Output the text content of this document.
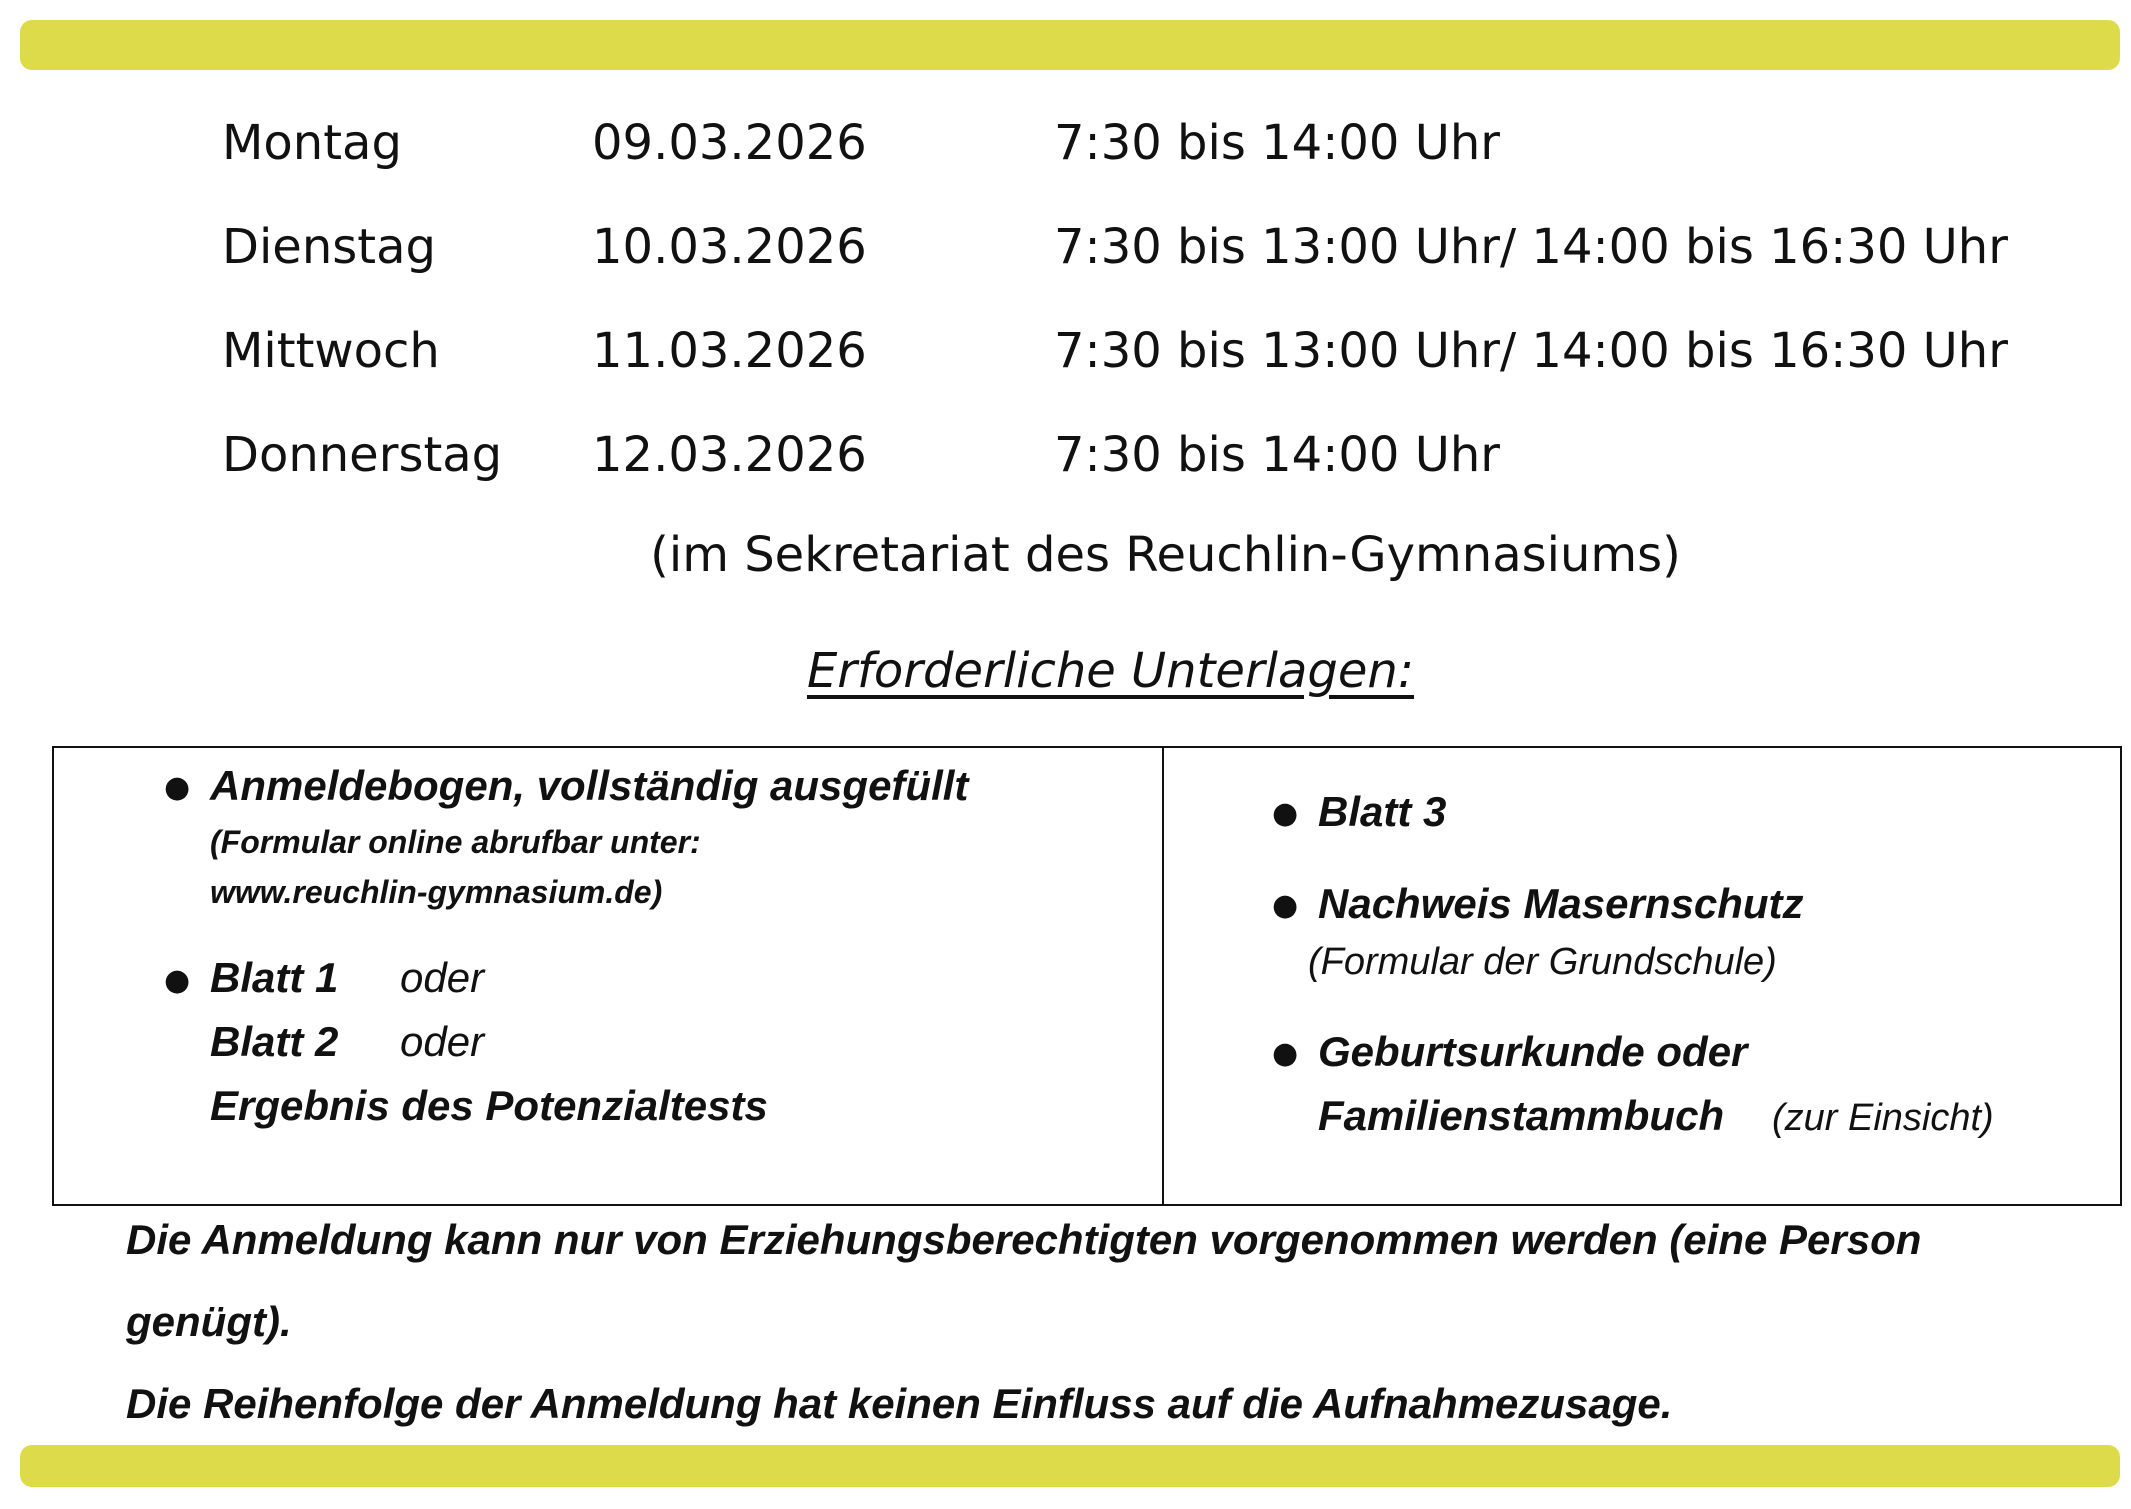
Montag	09.03.2026	7:30 bis 14:00 Uhr
Dienstag	10.03.2026	7:30 bis 13:00 Uhr/ 14:00 bis 16:30 Uhr
Mittwoch	11.03.2026	7:30 bis 13:00 Uhr/ 14:00 bis 16:30 Uhr
Donnerstag 12.03.2026	7:30 bis 14:00 Uhr
(im Sekretariat des Reuchlin-Gymnasiums)
Erforderliche Unterlagen:
● Anmeldebogen, vollständig ausgefüllt
(Formular online abrufbar unter:
www.reuchlin-gymnasium.de)
● Blatt 1 oder
Blatt 2 oder
Ergebnis des Potenzialtests
● Blatt 3
● Nachweis Masernschutz
(Formular der Grundschule)
● Geburtsurkunde oder
Familienstammbuch (zur Einsicht)
Die Anmeldung kann nur von Erziehungsberechtigten vorgenommen werden (eine Person
genügt).
Die Reihenfolge der Anmeldung hat keinen Einfluss auf die Aufnahmezusage.
